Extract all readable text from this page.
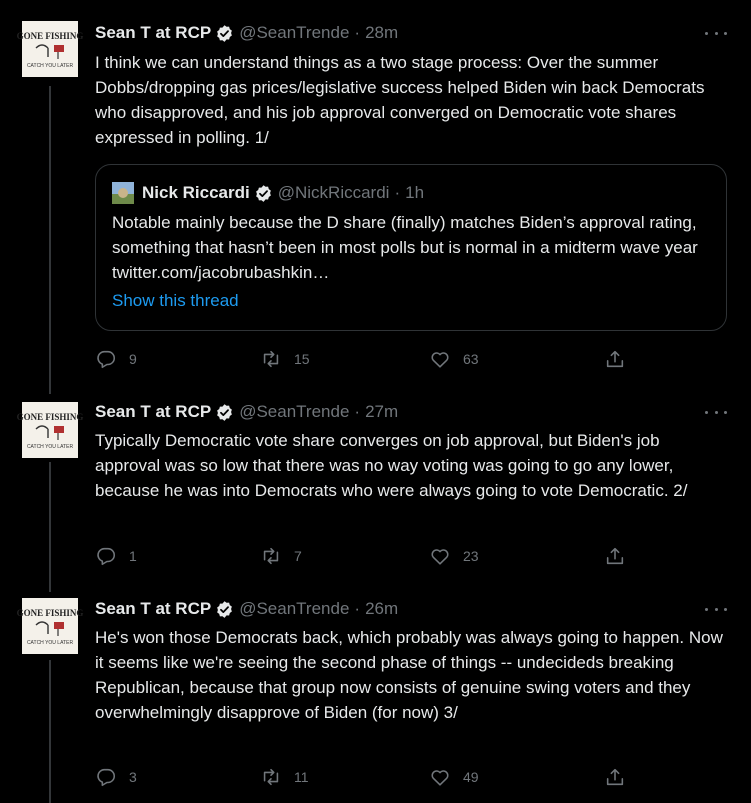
GONE FISHING
CATCH YOU LATER
Sean T at RCP @SeanTrende · 28m
I think we can understand things as a two stage process: Over the summer Dobbs/dropping gas prices/legislative success helped Biden win back Democrats who disapproved, and his job approval converged on Democratic vote shares expressed in polling. 1/
Nick Riccardi @NickRiccardi · 1h
Notable mainly because the D share (finally) matches Biden’s approval rating, something that hasn’t been in most polls but is normal in a midterm wave year twitter.com/jacobrubashkin…
Show this thread
9	15	63
GONE FISHING
CATCH YOU LATER
Sean T at RCP @SeanTrende · 27m
Typically Democratic vote share converges on job approval, but Biden's job approval was so low that there was no way voting was going to go any lower, because he was into Democrats who were always going to vote Democratic. 2/
1	7	23
GONE FISHING
CATCH YOU LATER
Sean T at RCP @SeanTrende · 26m
He's won those Democrats back, which probably was always going to happen. Now it seems like we're seeing the second phase of things -- undecideds breaking Republican, because that group now consists of genuine swing voters and they overwhelmingly disapprove of Biden (for now) 3/
3	11	49
